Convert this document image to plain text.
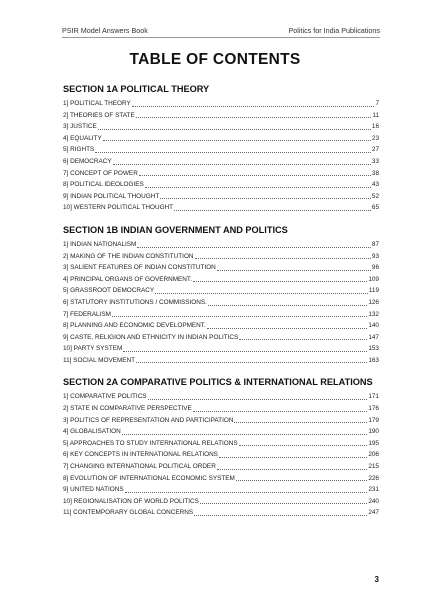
PSIR Model Answers Book	Politics for India Publications
TABLE OF CONTENTS
SECTION 1A POLITICAL THEORY
1] POLITICAL THEORY	7
2] THEORIES OF STATE	11
3] JUSTICE	16
4] EQUALITY	23
5] RIGHTS	27
6] DEMOCRACY	33
7] CONCEPT OF POWER	38
8] POLITICAL IDEOLOGIES	43
9] INDIAN POLITICAL THOUGHT	52
10] WESTERN POLITICAL THOUGHT	65
SECTION 1B INDIAN GOVERNMENT AND POLITICS
1] INDIAN NATIONALISM	87
2] MAKING OF THE INDIAN CONSTITUTION	93
3] SALIENT FEATURES OF INDIAN CONSTITUTION	96
4] PRINCIPAL ORGANS OF GOVERNMENT.	109
5] GRASSROOT DEMOCRACY	119
6] STATUTORY INSTITUTIONS / COMMISSIONS.	126
7] FEDERALISM	132
8] PLANNING AND ECONOMIC DEVELOPMENT.	140
9] CASTE, RELIGION AND ETHNICITY IN INDIAN POLITICS	147
10] PARTY SYSTEM	153
11] SOCIAL MOVEMENT	163
SECTION 2A COMPARATIVE POLITICS & INTERNATIONAL RELATIONS
1] COMPARATIVE POLITICS	171
2] STATE IN COMPARATIVE PERSPECTIVE	176
3] POLITICS OF REPRESENTATION AND PARTICIPATION	179
4] GLOBALISATION	190
5] APPROACHES TO STUDY INTERNATIONAL RELATIONS	195
6] KEY CONCEPTS IN INTERNATIONAL RELATIONS	206
7] CHANGING INTERNATIONAL POLITICAL ORDER	215
8] EVOLUTION OF INTERNATIONAL ECONOMIC SYSTEM	226
9] UNITED NATIONS	231
10] REGIONALISATION OF WORLD POLITICS	240
11] CONTEMPORARY GLOBAL CONCERNS	247
3
